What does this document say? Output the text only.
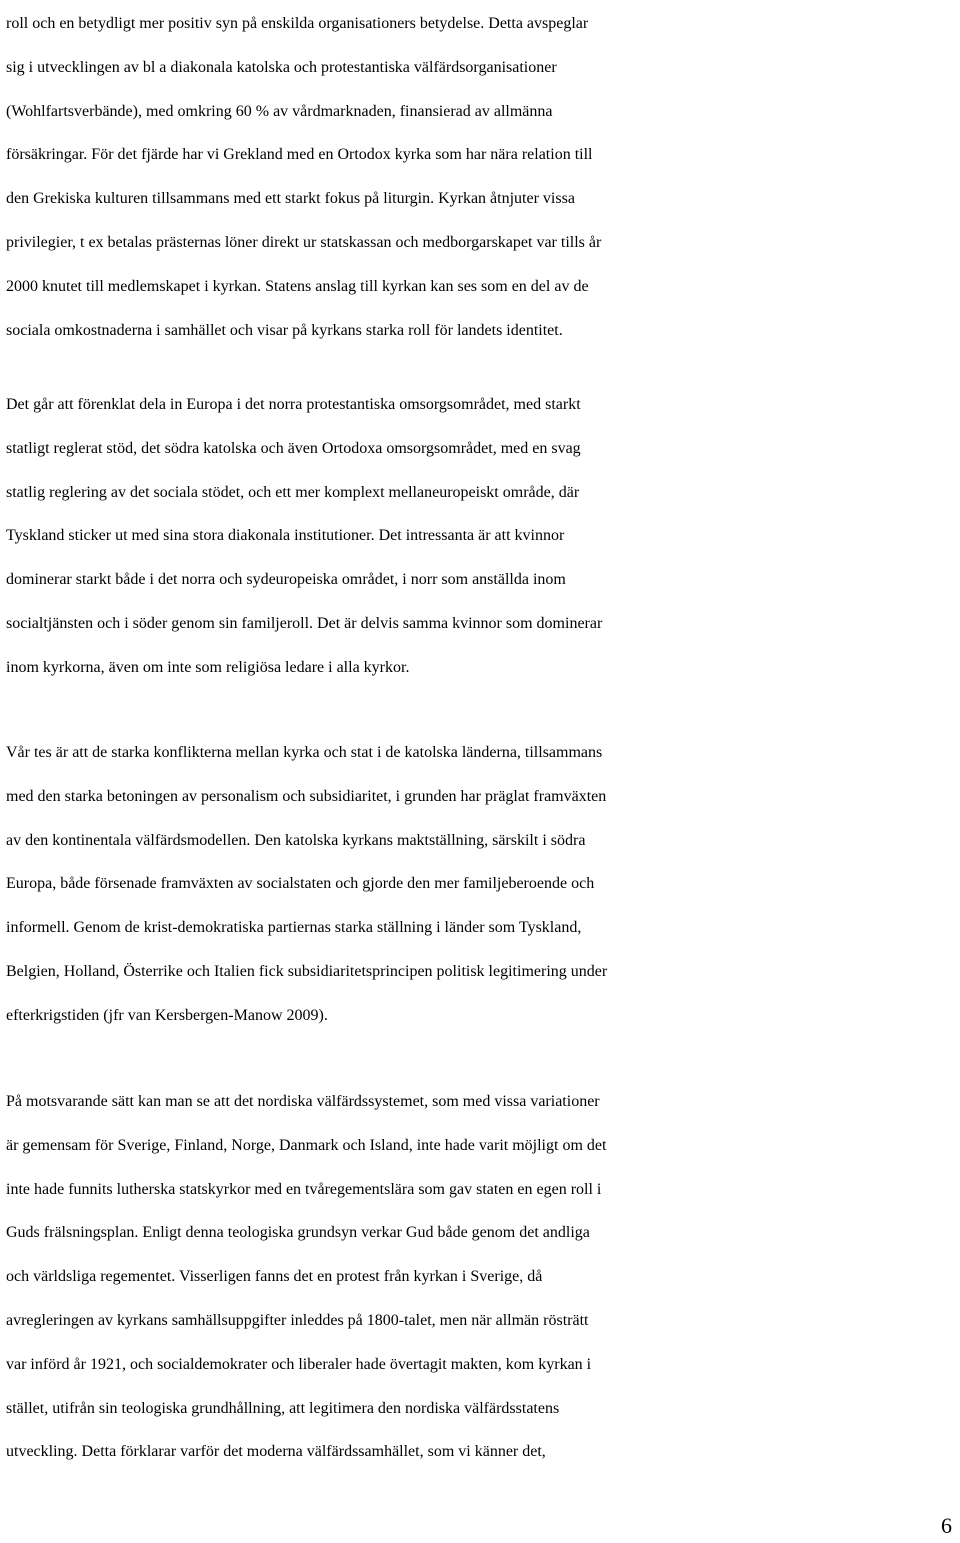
roll och en betydligt mer positiv syn på enskilda organisationers betydelse. Detta avspeglar
sig i utvecklingen av bl a diakonala katolska och protestantiska välfärdsorganisationer
(Wohlfartsverbände), med omkring 60 % av vårdmarknaden, finansierad av allmänna
försäkringar. För det fjärde har vi Grekland med en Ortodox kyrka som har nära relation till
den Grekiska kulturen tillsammans med ett starkt fokus på liturgin. Kyrkan åtnjuter vissa
privilegier, t ex betalas prästernas löner direkt ur statskassan och medborgarskapet var tills år
2000 knutet till medlemskapet i kyrkan. Statens anslag till kyrkan kan ses som en del av de
sociala omkostnaderna i samhället och visar på kyrkans starka roll för landets identitet.
Det går att förenklat dela in Europa i det norra protestantiska omsorgsområdet, med starkt
statligt reglerat stöd, det södra katolska och även Ortodoxa omsorgsområdet, med en svag
statlig reglering av det sociala stödet, och ett mer komplext mellaneuropeiskt område, där
Tyskland sticker ut med sina stora diakonala institutioner. Det intressanta är att kvinnor
dominerar starkt både i det norra och sydeuropeiska området, i norr som anställda inom
socialtjänsten och i söder genom sin familjeroll. Det är delvis samma kvinnor som dominerar
inom kyrkorna, även om inte som religiösa ledare i alla kyrkor.
Vår tes är att de starka konflikterna mellan kyrka och stat i de katolska länderna, tillsammans
med den starka betoningen av personalism och subsidiaritet, i grunden har präglat framväxten
av den kontinentala välfärdsmodellen. Den katolska kyrkans maktställning, särskilt i södra
Europa, både försenade framväxten av socialstaten och gjorde den mer familjeberoende och
informell. Genom de krist-demokratiska partiernas starka ställning i länder som Tyskland,
Belgien, Holland, Österrike och Italien fick subsidiaritetsprincipen politisk legitimering under
efterkrigstiden (jfr van Kersbergen-Manow 2009).
På motsvarande sätt kan man se att det nordiska välfärdssystemet, som med vissa variationer
är gemensam för Sverige, Finland, Norge, Danmark och Island, inte hade varit möjligt om det
inte hade funnits lutherska statskyrkor med en tvåregementslära som gav staten en egen roll i
Guds frälsningsplan. Enligt denna teologiska grundsyn verkar Gud både genom det andliga
och världsliga regementet. Visserligen fanns det en protest från kyrkan i Sverige, då
avregleringen av kyrkans samhällsuppgifter inleddes på 1800-talet, men när allmän rösträtt
var införd år 1921, och socialdemokrater och liberaler hade övertagit makten, kom kyrkan i
stället, utifrån sin teologiska grundhållning, att legitimera den nordiska välfärdsstatens
utveckling. Detta förklarar varför det moderna välfärdssamhället, som vi känner det,
6
